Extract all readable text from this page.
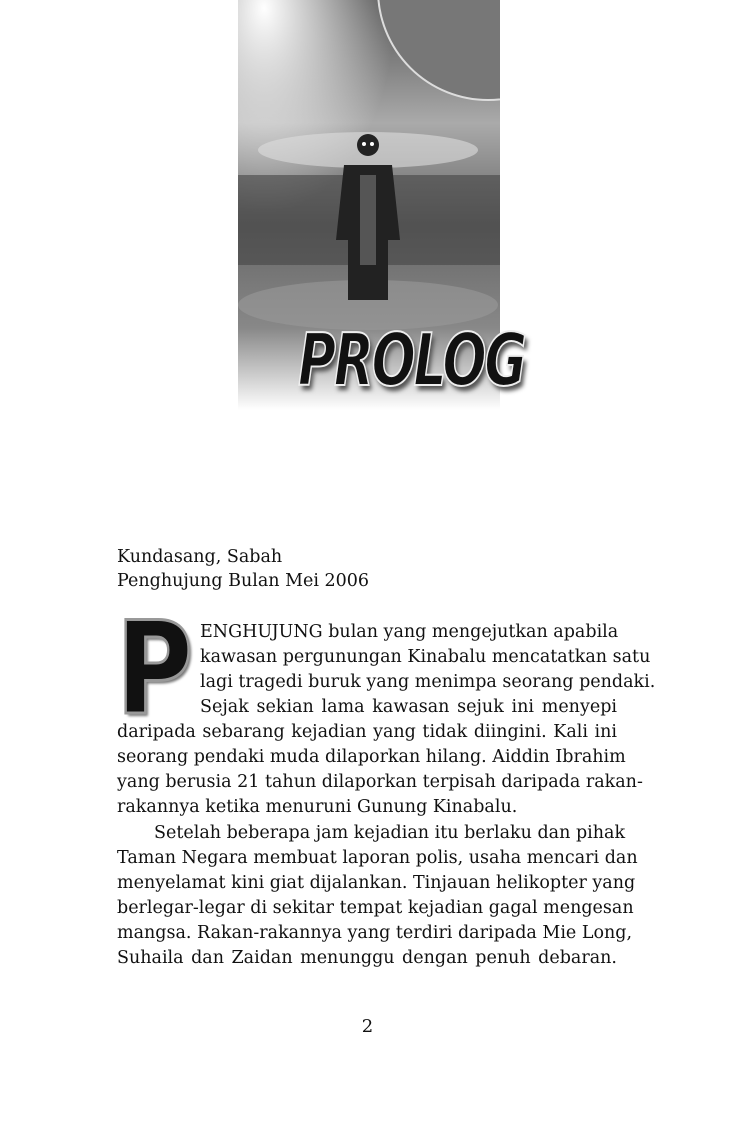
PROLOG
Kundasang, Sabah
Penghujung Bulan Mei 2006
P ENGHUJUNG bulan yang mengejutkan apabila
kawasan pergunungan Kinabalu mencatatkan satu
lagi tragedi buruk yang menimpa seorang pendaki.
Sejak sekian lama kawasan sejuk ini menyepi
daripada sebarang kejadian yang tidak diingini. Kali ini
seorang pendaki muda dilaporkan hilang. Aiddin Ibrahim
yang berusia 21 tahun dilaporkan terpisah daripada rakan-
rakannya ketika menuruni Gunung Kinabalu.
Setelah beberapa jam kejadian itu berlaku dan pihak
Taman Negara membuat laporan polis, usaha mencari dan
menyelamat kini giat dijalankan. Tinjauan helikopter yang
berlegar-legar di sekitar tempat kejadian gagal mengesan
mangsa. Rakan-rakannya yang terdiri daripada Mie Long,
Suhaila dan Zaidan menunggu dengan penuh debaran.
2
